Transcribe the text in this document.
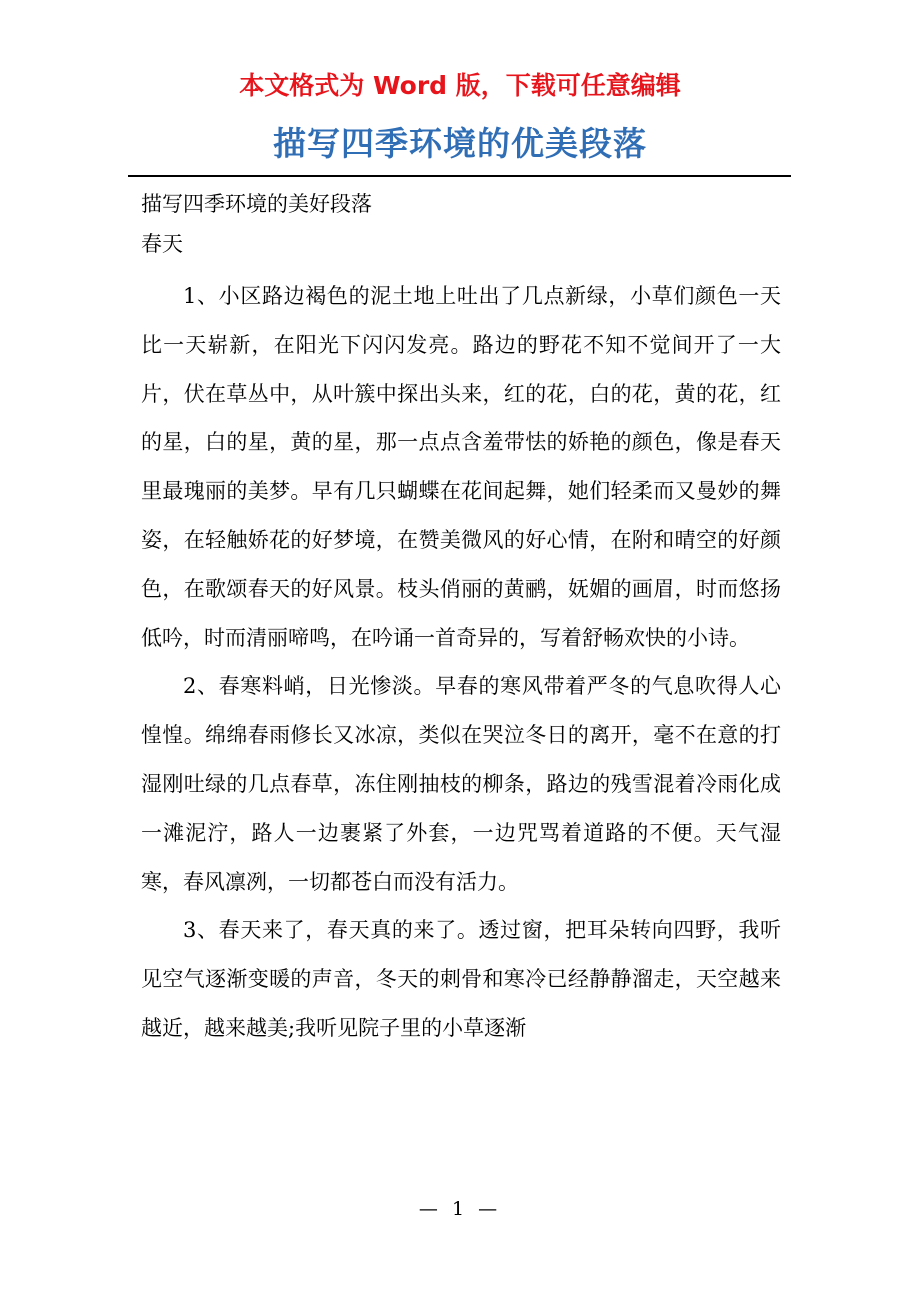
本文格式为 Word 版，下载可任意编辑
描写四季环境的优美段落

描写四季环境的美好段落

春天

1、小区路边褐色的泥土地上吐出了几点新绿，小草们颜色一天比一天崭新，在阳光下闪闪发亮。路边的野花不知不觉间开了一大片，伏在草丛中，从叶簇中探出头来，红的花，白的花，黄的花，红的星，白的星，黄的星，那一点点含羞带怯的娇艳的颜色，像是春天里最瑰丽的美梦。早有几只蝴蝶在花间起舞，她们轻柔而又曼妙的舞姿，在轻触娇花的好梦境，在赞美微风的好心情，在附和晴空的好颜色，在歌颂春天的好风景。枝头俏丽的黄鹂，妩媚的画眉，时而悠扬低吟，时而清丽啼鸣，在吟诵一首奇异的，写着舒畅欢快的小诗。

2、春寒料峭，日光惨淡。早春的寒风带着严冬的气息吹得人心惶惶。绵绵春雨修长又冰凉，类似在哭泣冬日的离开，毫不在意的打湿刚吐绿的几点春草，冻住刚抽枝的柳条，路边的残雪混着冷雨化成一滩泥泞，路人一边裹紧了外套，一边咒骂着道路的不便。天气湿寒，春风凛冽，一切都苍白而没有活力。

3、春天来了，春天真的来了。透过窗，把耳朵转向四野，我听见空气逐渐变暖的声音，冬天的刺骨和寒冷已经静静溜走，天空越来越近，越来越美;我听见院子里的小草逐渐

— 1 —
